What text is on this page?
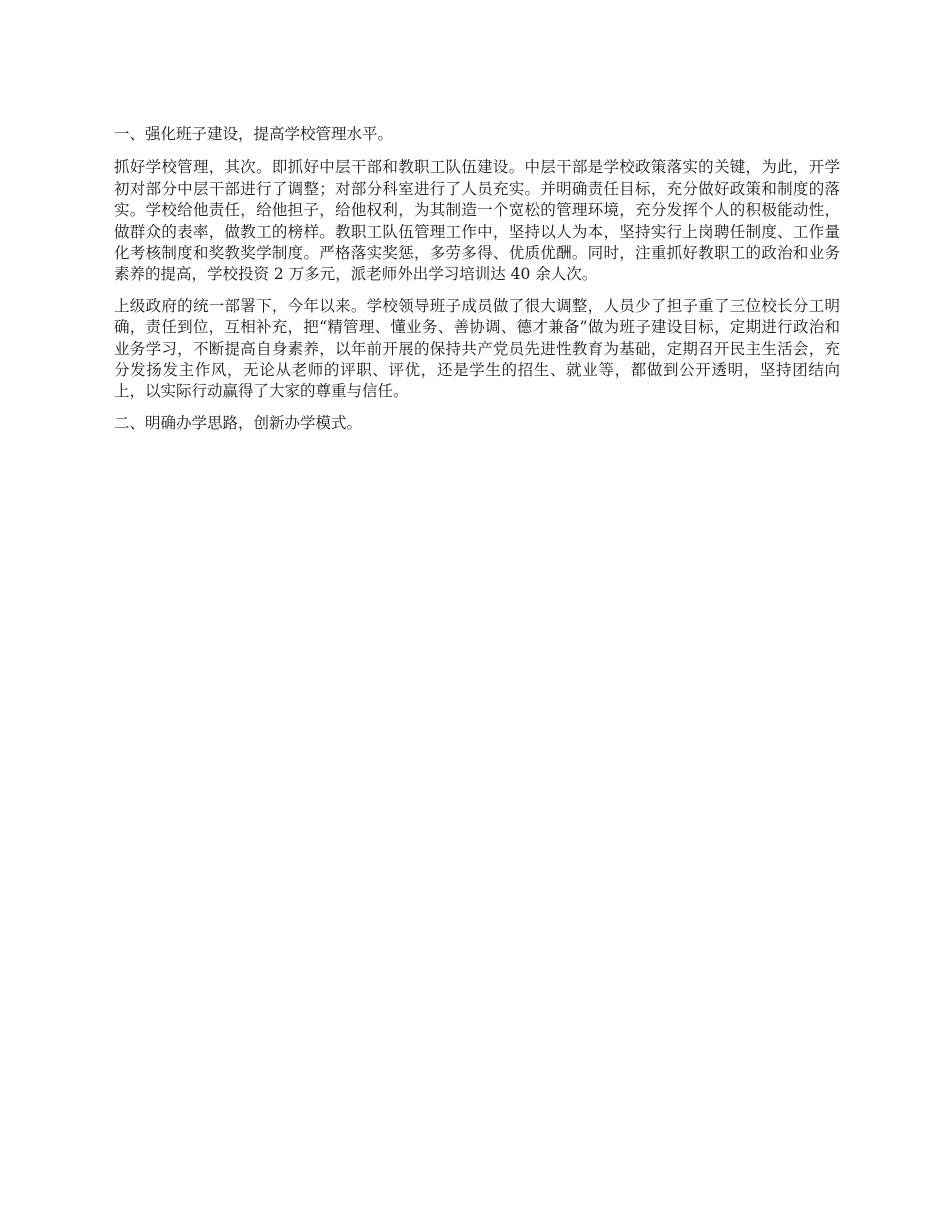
一、强化班子建设，提高学校管理水平。

抓好学校管理，其次。即抓好中层干部和教职工队伍建设。中层干部是学校政策落实的关键，为此，开学初对部分中层干部进行了调整；对部分科室进行了人员充实。并明确责任目标，充分做好政策和制度的落实。学校给他责任，给他担子，给他权利，为其制造一个宽松的管理环境，充分发挥个人的积极能动性，做群众的表率，做教工的榜样。教职工队伍管理工作中，坚持以人为本，坚持实行上岗聘任制度、工作量化考核制度和奖教奖学制度。严格落实奖惩，多劳多得、优质优酬。同时，注重抓好教职工的政治和业务素养的提高，学校投资 2 万多元，派老师外出学习培训达 40 余人次。

上级政府的统一部署下，今年以来。学校领导班子成员做了很大调整，人员少了担子重了三位校长分工明确，责任到位，互相补充，把“精管理、懂业务、善协调、德才兼备”做为班子建设目标，定期进行政治和业务学习，不断提高自身素养，以年前开展的保持共产党员先进性教育为基础，定期召开民主生活会，充分发扬发主作风，无论从老师的评职、评优，还是学生的招生、就业等，都做到公开透明，坚持团结向上，以实际行动赢得了大家的尊重与信任。

二、明确办学思路，创新办学模式。
